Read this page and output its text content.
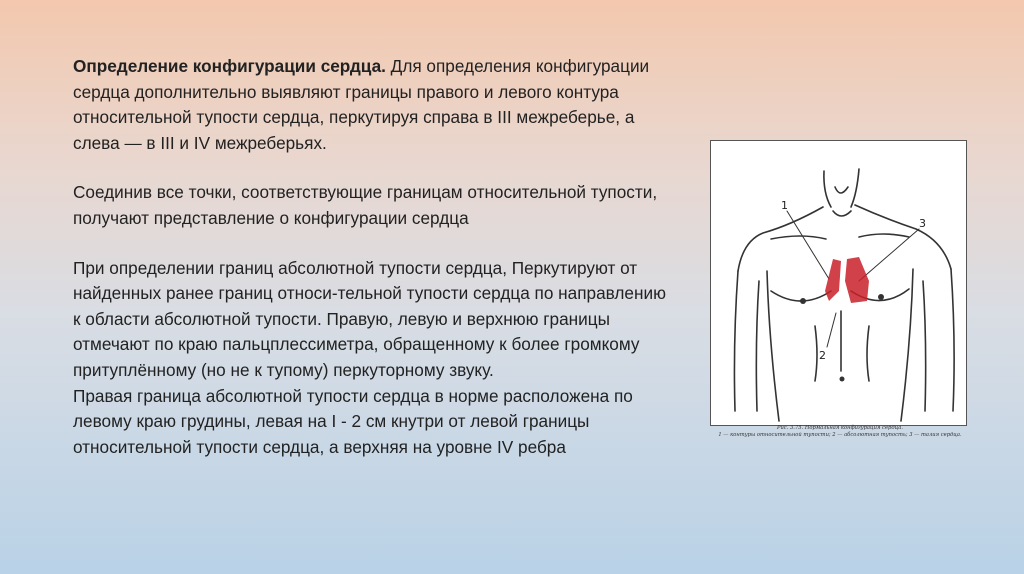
Определение конфигурации сердца. Для определения конфигурации сердца дополнительно выявляют границы правого и левого контура относительной тупости сердца, перкутируя справа в III межреберье, а слева — в III и IV межреберьях.

Соединив все точки, соответствующие границам относительной тупости, получают представление о конфигурации сердца

При определении границ абсолютной тупости сердца, Перкутируют от найденных ранее границ относи-тельной тупости сердца по направлению к области абсолютной тупости. Правую, левую и верхнюю границы отмечают по краю пальцплессиметра, обращенному к более громкому притуплённому (но не к тупому) перкуторному звуку.

Правая граница абсолютной тупости сердца в норме расположена по левому краю грудины, левая на I - 2 см кнутри от левой границы относительной тупости сердца, а верхняя на уровне IV ребра

1
2
3
Рис. 3.75. Нормальная конфигурация сердца.
1 — контуры относительной тупости; 2 — абсолютная тупость; 3 — талия сердца.
